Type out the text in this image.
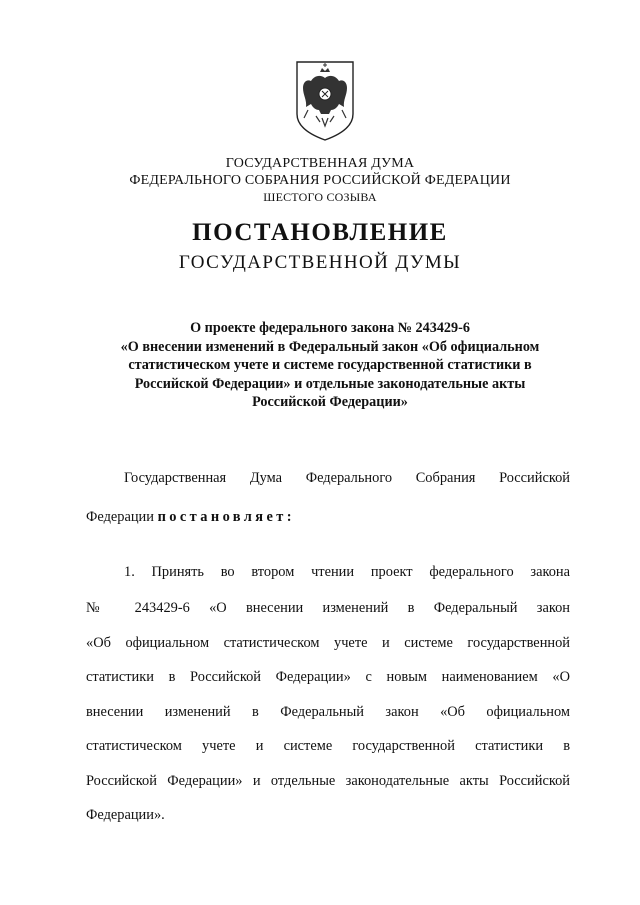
ГОСУДАРСТВЕННАЯ ДУМА
ФЕДЕРАЛЬНОГО СОБРАНИЯ РОССИЙСКОЙ ФЕДЕРАЦИИ
ШЕСТОГО СОЗЫВА
ПОСТАНОВЛЕНИЕ
ГОСУДАРСТВЕННОЙ ДУМЫ
О проекте федерального закона № 243429-6
«О внесении изменений в Федеральный закон «Об официальном
статистическом учете и системе государственной статистики в
Российской Федерации» и отдельные законодательные акты
Российской Федерации»
Государственная Дума Федерального Собрания Российской
Федерации постановляет:
1. Принять во втором чтении проект федерального закона
№ 243429-6 «О внесении изменений в Федеральный закон
«Об официальном статистическом учете и системе государственной
статистики в Российской Федерации» с новым наименованием «О
внесении изменений в Федеральный закон «Об официальном
статистическом учете и системе государственной статистики в
Российской Федерации» и отдельные законодательные акты Российской
Федерации».
